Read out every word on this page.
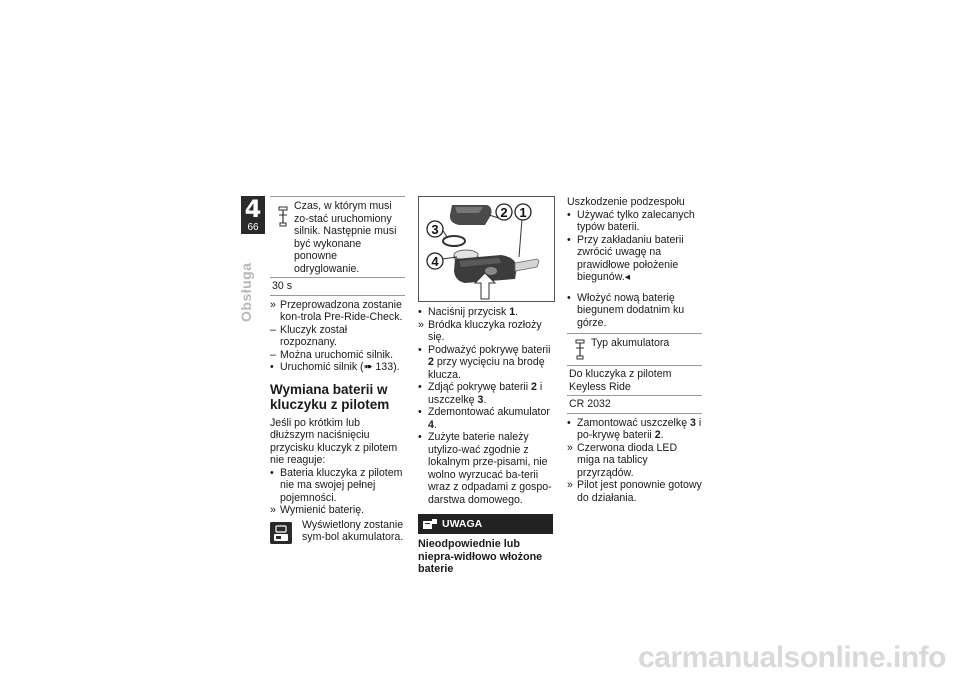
4
66
Obsługa
Czas, w którym musi zo-stać uruchomiony silnik. Następnie musi być wykonane ponowne odryglowanie.
30 s
» Przeprowadzona zostanie kon-trola Pre-Ride-Check.
– Kluczyk został rozpoznany.
– Można uruchomić silnik.
• Uruchomić silnik (➠ 133).
Wymiana baterii w kluczyku z pilotem
Jeśli po krótkim lub dłuższym naciśnięciu przycisku kluczyk z pilotem nie reaguje:
• Bateria kluczyka z pilotem nie ma swojej pełnej pojemności.
» Wymienić baterię.
Wyświetlony zostanie sym-bol akumulatora.
1
2
3
4
• Naciśnij przycisk 1.
» Bródka kluczyka rozłoży się.
• Podważyć pokrywę baterii 2 przy wycięciu na brodę klucza.
• Zdjąć pokrywę baterii 2 i uszczelkę 3.
• Zdemontować akumulator 4.
• Zużyte baterie należy utylizo-wać zgodnie z lokalnym prze-pisami, nie wolno wyrzucać ba-terii wraz z odpadami z gospo-darstwa domowego.
UWAGA
Nieodpowiednie lub niepra-widłowo włożone baterie
Uszkodzenie podzespołu
• Używać tylko zalecanych typów baterii.
• Przy zakładaniu baterii zwrócić uwagę na prawidłowe położenie biegunów.◂
• Włożyć nową baterię biegunem dodatnim ku górze.
Typ akumulatora
Do kluczyka z pilotem Keyless Ride
CR 2032
• Zamontować uszczelkę 3 i po-krywę baterii 2.
» Czerwona dioda LED miga na tablicy przyrządów.
» Pilot jest ponownie gotowy do działania.
carmanualsonline.info
